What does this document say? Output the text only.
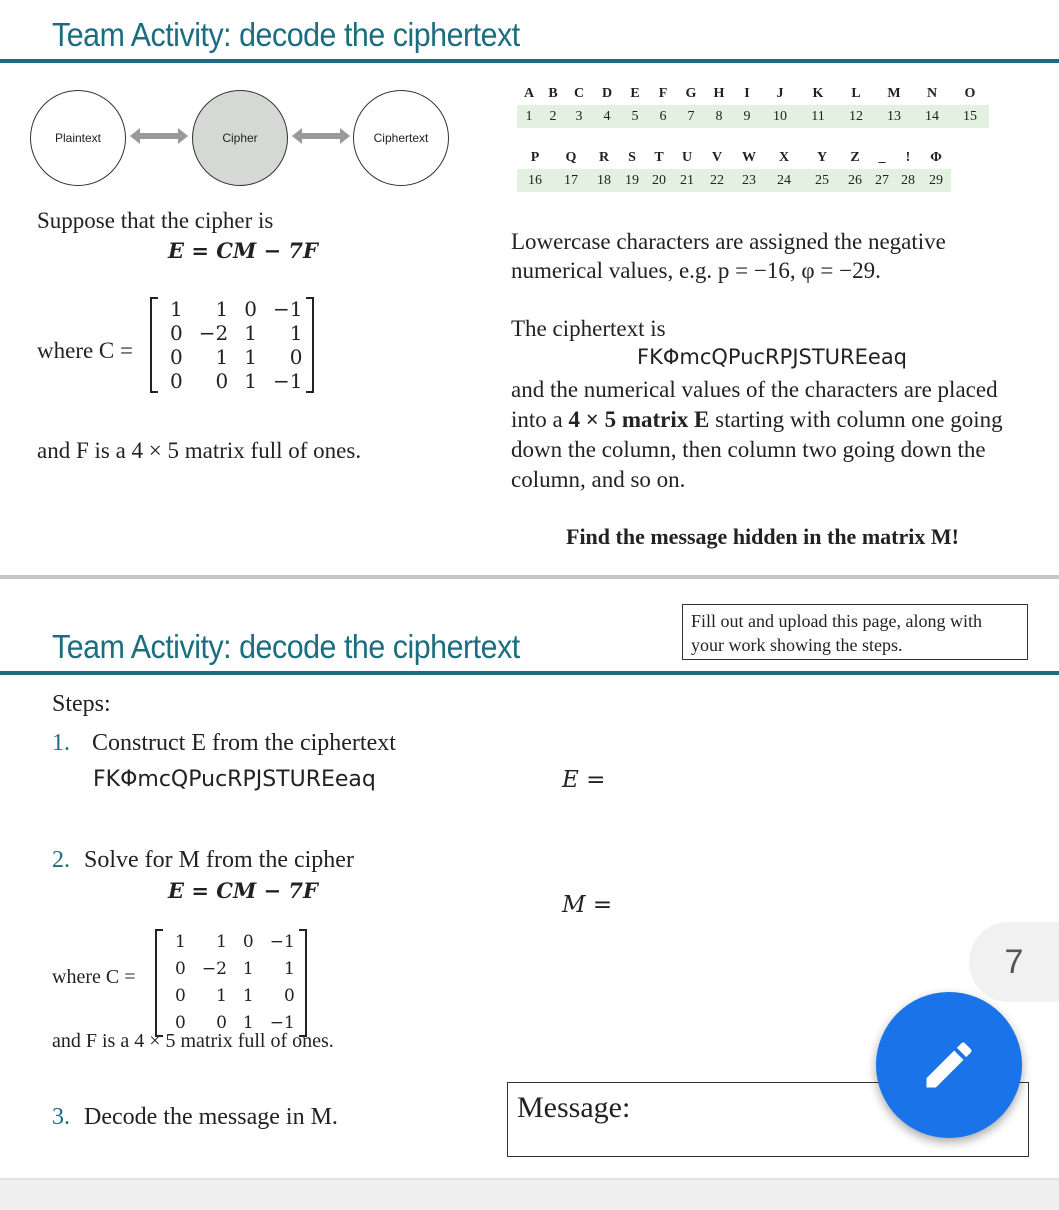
Team Activity: decode the ciphertext
Plaintext	Cipher	Ciphertext
A	B	C	D	E	F	G	H	I	J	K	L	M	N	O
1	2	3	4	5	6	7	8	9	10	11	12	13	14	15
P	Q	R	S	T	U	V	W	X	Y	Z	_	!	Φ
16	17	18	19	20	21	22	23	24	25	26	27	28	29
Suppose that the cipher is
E = CM − 7F
where C =
1	1	0	−1
0	−2	1	1
0	1	1	0
0	0	1	−1
and F is a 4 × 5 matrix full of ones.
Lowercase characters are assigned the negative
numerical values, e.g. p = −16, φ = −29.
The ciphertext is
FKΦmcQPucRPJSTUREeaq
and the numerical values of the characters are placed
into a 4 × 5 matrix E starting with column one going
down the column, then column two going down the
column, and so on.
Find the message hidden in the matrix M!
Fill out and upload this page, along with your work showing the steps.
Team Activity: decode the ciphertext
Steps:
1. Construct E from the ciphertext
FKΦmcQPucRPJSTUREeaq	E =
2. Solve for M from the cipher
E = CM − 7F
M =
where C =
1	1	0	−1
0	−2	1	1
0	1	1	0
0	0	1	−1
and F is a 4 × 5 matrix full of ones.
3. Decode the message in M.	Message:
7
